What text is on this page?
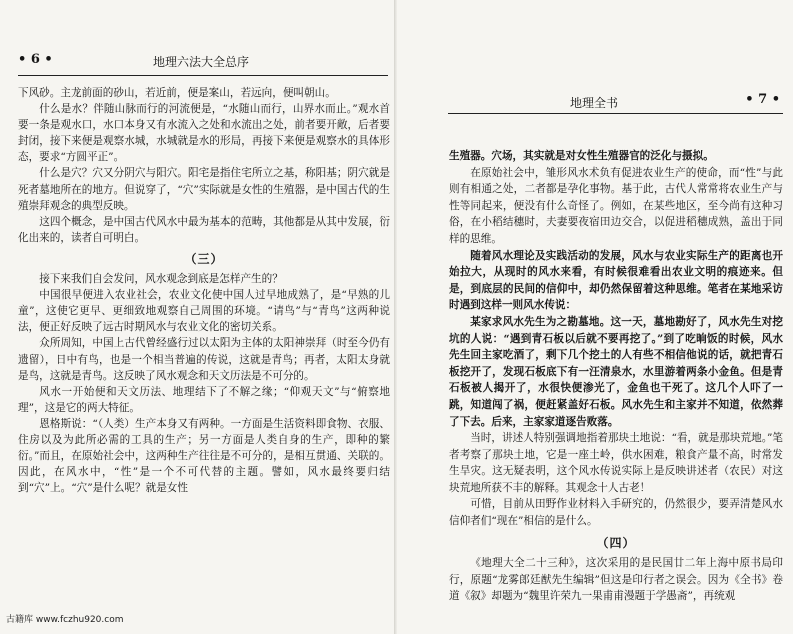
• 6 •	地理六法大全总序

下风砂。主龙前面的砂山，若近前，便是案山，若远向，便叫朝山。

什么是水？伴随山脉而行的河流便是，“水随山而行，山界水而止。”观水首要一条是观水口，水口本身又有水流入之处和水流出之处，前者要开敞，后者要封闭，接下来便是观察水城，水城就是水的形局，再接下来便是观察水的具体形态，要求“方圆平正”。

什么是穴？穴又分阴穴与阳穴。阳宅是指住宅所立之基，称阳基；阴穴就是死者墓地所在的地方。但说穿了，“穴”实际就是女性的生殖器，是中国古代的生殖崇拜观念的典型反映。

这四个概念，是中国古代风水中最为基本的范畴，其他都是从其中发展，衍化出来的，读者自可明白。

（三）

接下来我们自会发问，风水观念到底是怎样产生的？

中国很早便进入农业社会，农业文化使中国人过早地成熟了，是“早熟的儿童”，这使它更早、更细致地观察自己周围的环境。“请鸟”与“青鸟”这两种说法，便正好反映了远古时期风水与农业文化的密切关系。

众所周知，中国上古代曾经盛行过以太阳为主体的太阳神崇拜（时至今仍有遗留），日中有鸟，也是一个相当普遍的传说，这就是青鸟；再者，太阳太身就是鸟，这就是青鸟。这反映了风水观念和天文历法是不可分的。

风水一开始便和天文历法、地理结下了不解之缘；“仰观天文”与“俯察地理”，这是它的两大特征。

恩格斯说：“（人类）生产本身又有两种。一方面是生活资料即食物、衣服、住房以及为此所必需的工具的生产；另一方面是人类自身的生产，即种的繁衍。”而且，在原始社会中，这两种生产往往是不可分的，是相互贯通、关联的。因此，在风水中，“性”是一个不可代替的主题。譬如，风水最终要归结到“穴”上。“穴”是什么呢？就是女性

地理全书	• 7 •

生殖器。穴场，其实就是对女性生殖器官的泛化与摄拟。

在原始社会中，雏形风水术负有促进农业生产的使命，而“性”与此则有相通之处，二者都是孕化事物。基于此，古代人常常将农业生产与性等同起来，便没有什么奇怪了。例如，在某些地区，至今尚有这种习俗，在小稻结穗时，夫妻要夜宿田边交合，以促进稻穗成熟，盖出于同样的思维。

随着风水理论及实践活动的发展，风水与农业实际生产的距离也开始拉大，从现时的风水来看，有时候很难看出农业文明的痕迹来。但是，到底层的民间的信仰中，却仍然保留着这种思维。笔者在某地采访时遇到这样一则风水传说：

某家求风水先生为之勘墓地。这一天，墓地勘好了，风水先生对挖坑的人说：“遇到青石板以后就不要再挖了。”到了吃晌饭的时候，风水先生回主家吃酒了，剩下几个挖土的人有些不相信他说的话，就把青石板挖开了，发现石板底下有一汪清泉水，水里游着两条小金鱼。但是青石板被人揭开了，水很快便渗光了，金鱼也干死了。这几个人吓了一跳，知道闯了祸，便赶紧盖好石板。风水先生和主家并不知道，依然葬了下去。后来，主家家道逐告败落。

当时，讲述人特别强调地指着那块土地说：“看，就是那块荒地。”笔者考察了那块土地，它是一座土岭，供水困难，粮食产量不高，时常发生旱灾。这无疑表明，这个风水传说实际上是反映讲述者（农民）对这块荒地所获不丰的解释。其观念十人古老！

可惜，目前从田野作业材料入手研究的，仍然很少，要弄清楚风水信仰者们“现在”相信的是什么。

（四）

《地理大全二十三种》，这次采用的是民国廿二年上海中原书局印行，原题“龙雾郎廷猷先生编辑”但这是印行者之误会。因为《全书》卷道《叙》却题为“魏里许荣九一果甫甫漫题于学愚斋”，再统观

古籍库 www.fczhu920.com
